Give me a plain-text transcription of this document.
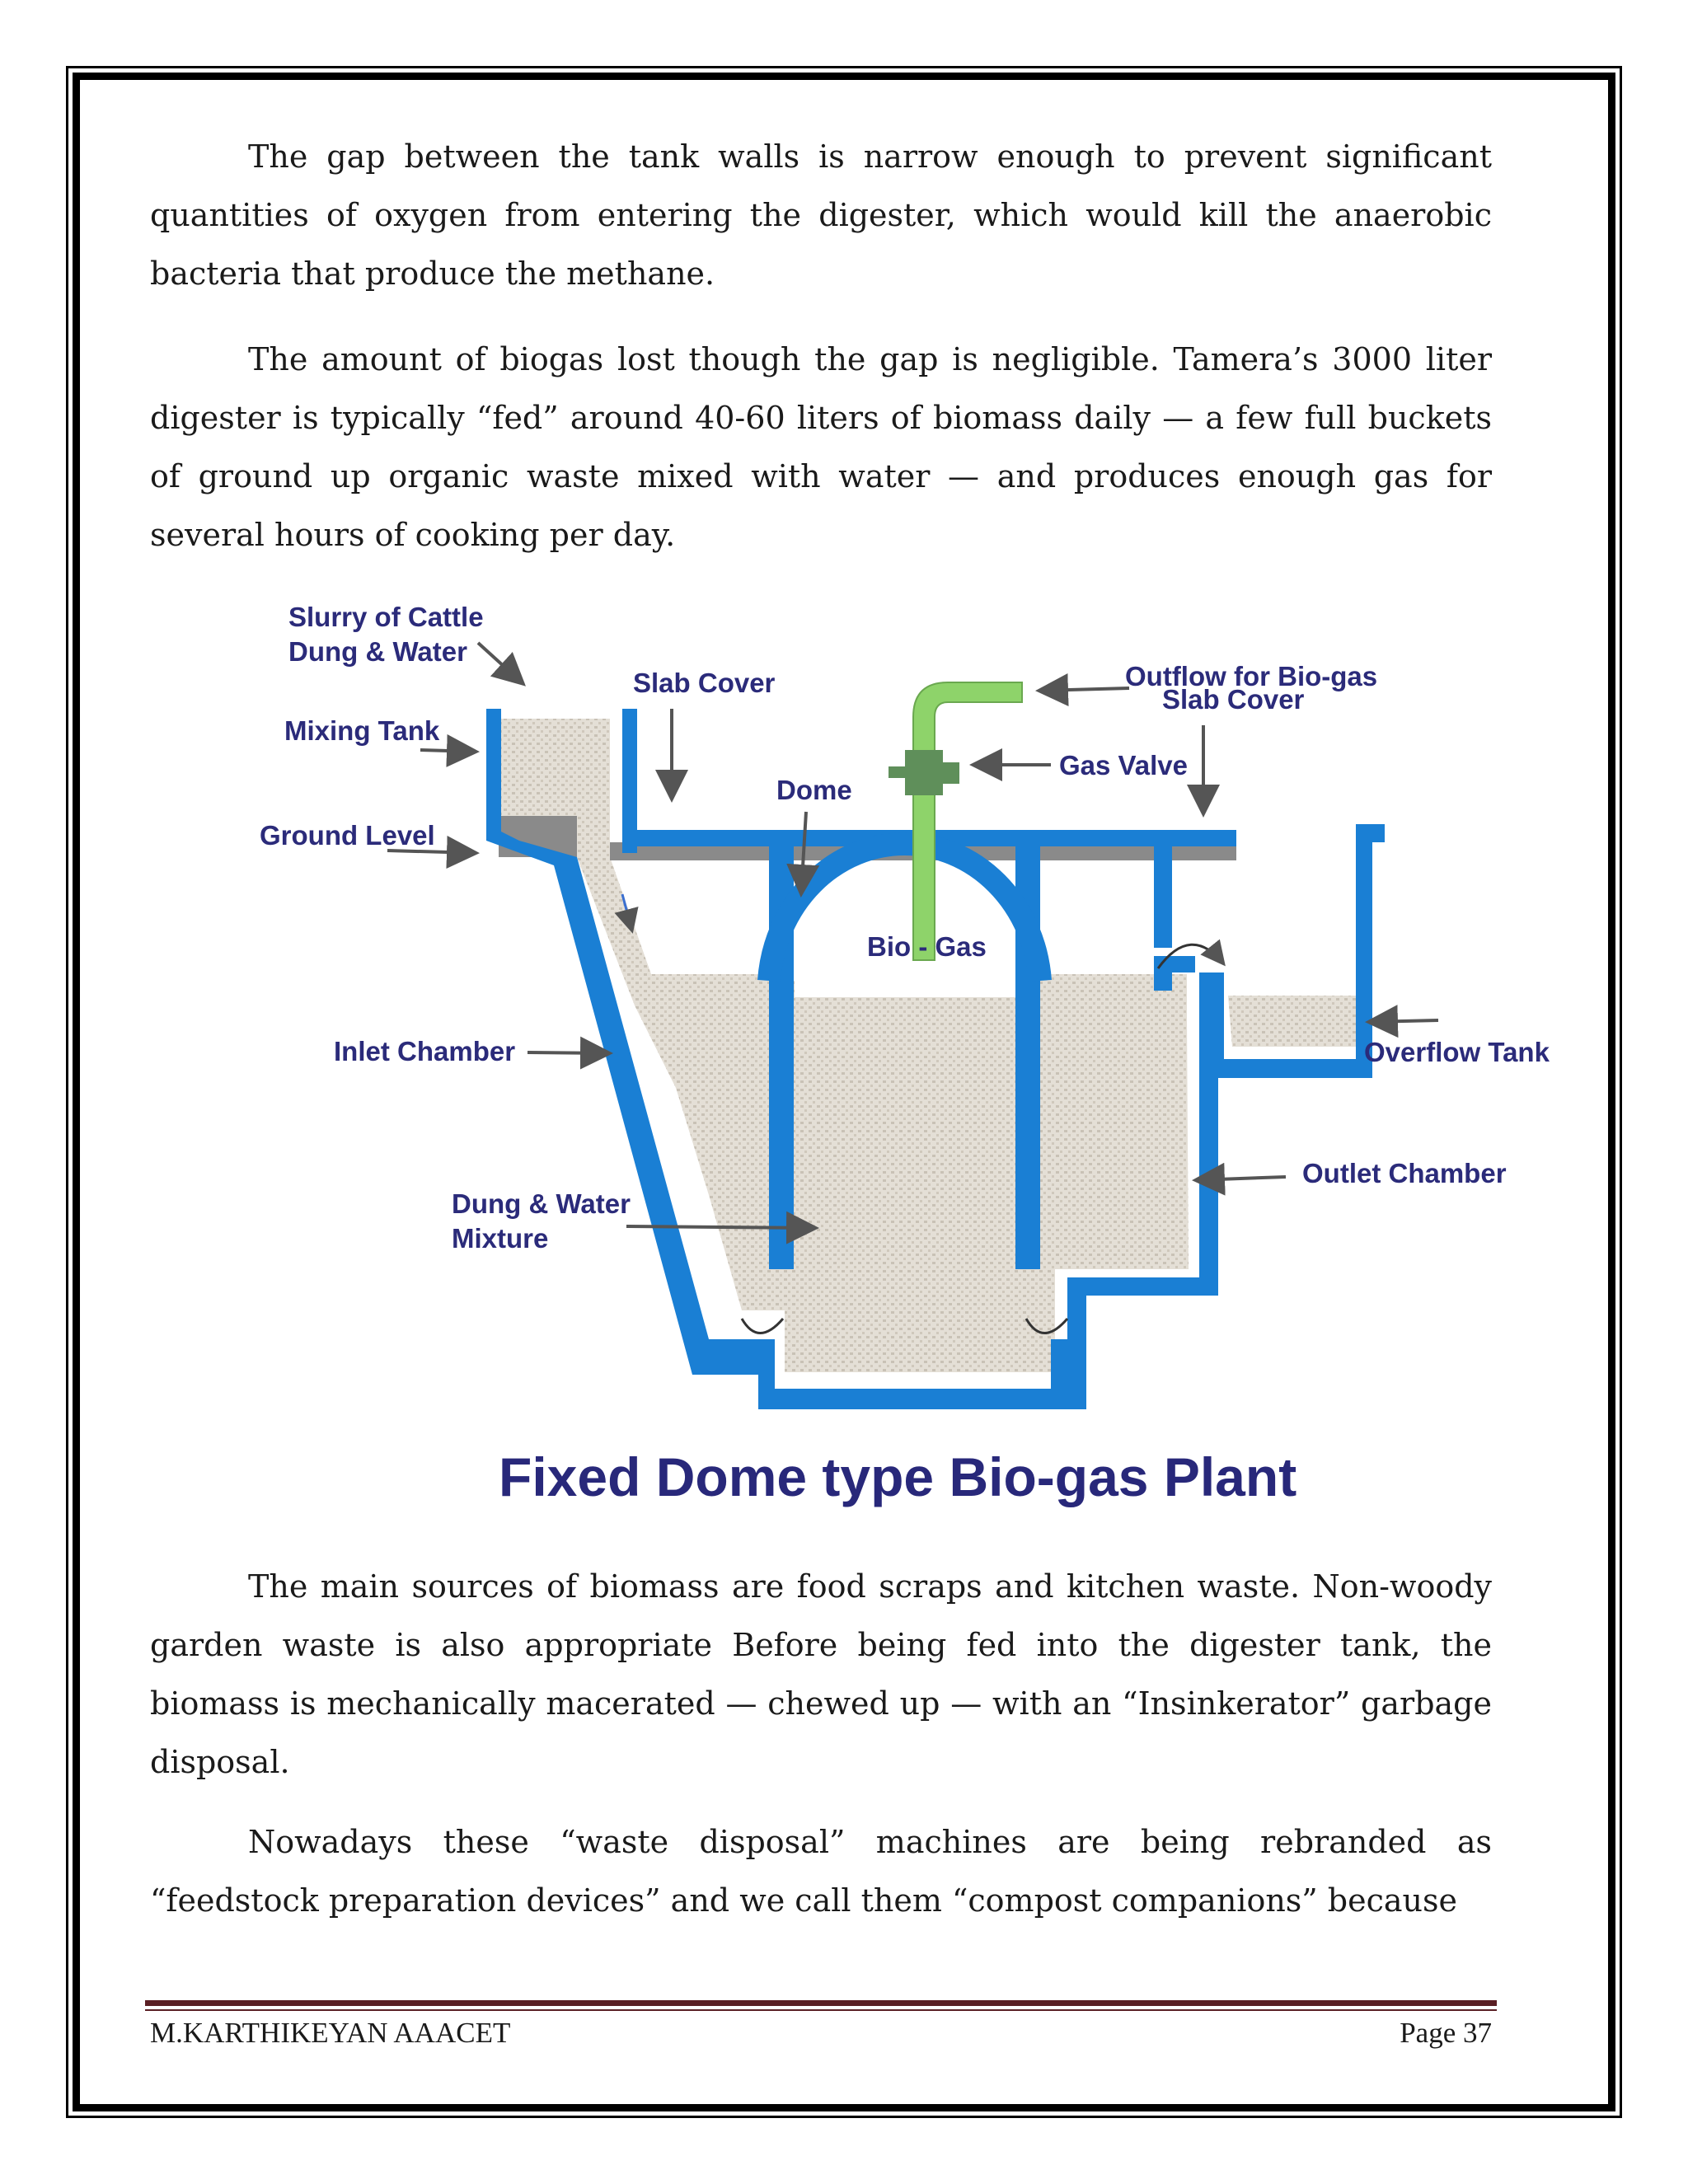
The gap between the tank walls is narrow enough to prevent significant quantities of oxygen from entering the digester, which would kill the anaerobic bacteria that produce the methane.

The amount of biogas lost though the gap is negligible. Tamera’s 3000 liter digester is typically “fed” around 40-60 liters of biomass daily — a few full buckets of ground up organic waste mixed with water — and produces enough gas for several hours of cooking per day.

Slurry of Cattle
Dung & Water
Mixing Tank
Ground Level
Slab Cover
Dome
Outflow for Bio-gas
Slab Cover
Gas Valve
Bio - Gas
Inlet Chamber	Overflow Tank
Outlet Chamber
Dung & Water
Mixture
Fixed Dome type Bio-gas Plant

The main sources of biomass are food scraps and kitchen waste. Non-woody garden waste is also appropriate Before being fed into the digester tank, the biomass is mechanically macerated — chewed up — with an “Insinkerator” garbage disposal.

Nowadays these “waste disposal” machines are being rebranded as “feedstock preparation devices” and we call them “compost companions” because

M.KARTHIKEYAN AAACET	Page 37
